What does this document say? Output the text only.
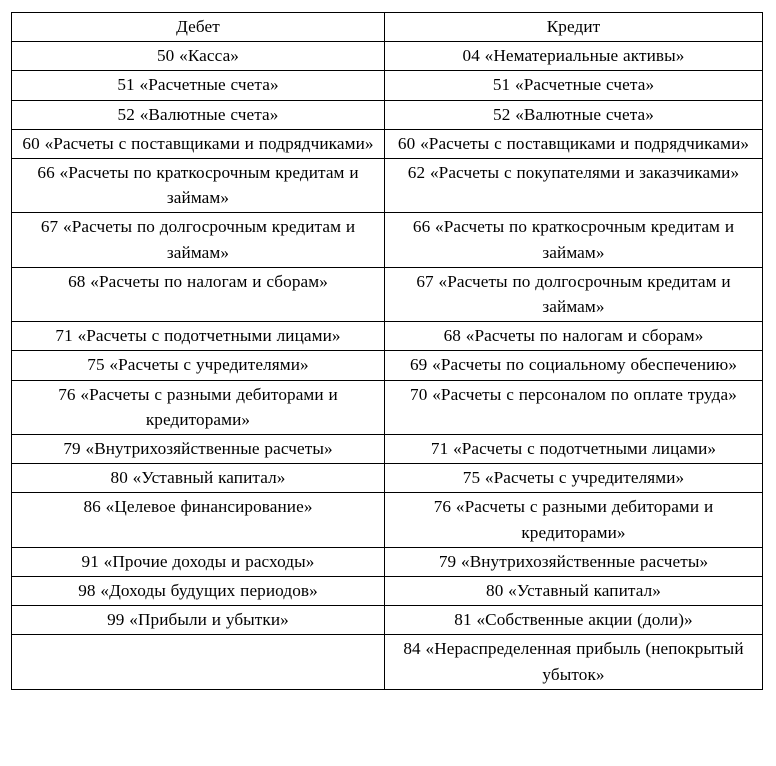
Дебет	Кредит
50 «Касса»	04 «Нематериальные активы»
51 «Расчетные счета»	51 «Расчетные счета»
52 «Валютные счета»	52 «Валютные счета»
60 «Расчеты с поставщиками и подрядчиками»	60 «Расчеты с поставщиками и подрядчиками»
66 «Расчеты по краткосрочным кредитам и займам»	62 «Расчеты с покупателями и заказчиками»
67 «Расчеты по долгосрочным кредитам и займам»	66 «Расчеты по краткосрочным кредитам и займам»
68 «Расчеты по налогам и сборам»	67 «Расчеты по долгосрочным кредитам и займам»
71 «Расчеты с подотчетными лицами»	68 «Расчеты по налогам и сборам»
75 «Расчеты с учредителями»	69 «Расчеты по социальному обеспечению»
76 «Расчеты с разными дебиторами и кредиторами»	70 «Расчеты с персоналом по оплате труда»
79 «Внутрихозяйственные расчеты»	71 «Расчеты с подотчетными лицами»
80 «Уставный капитал»	75 «Расчеты с учредителями»
86 «Целевое финансирование»	76 «Расчеты с разными дебиторами и кредиторами»
91 «Прочие доходы и расходы»	79 «Внутрихозяйственные расчеты»
98 «Доходы будущих периодов»	80 «Уставный капитал»
99 «Прибыли и убытки»	81 «Собственные акции (доли)»
	84 «Нераспределенная прибыль (непокрытый убыток»
